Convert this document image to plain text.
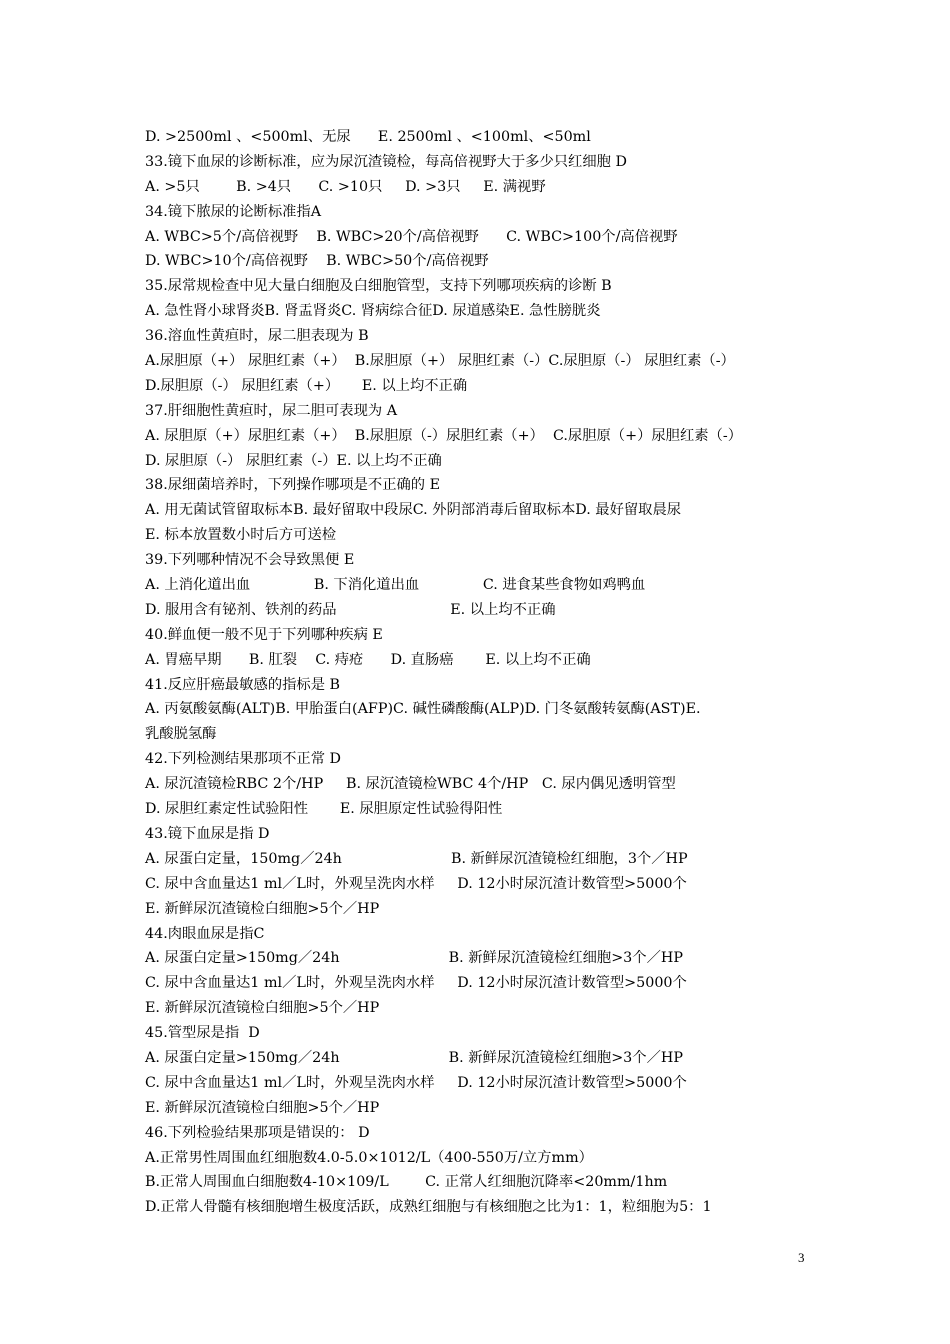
D. >2500ml 、<500ml、无尿      E. 2500ml 、<100ml、<50ml
33.镜下血尿的诊断标准，应为尿沉渣镜检，每高倍视野大于多少只红细胞 D
A. >5只        B. >4只      C. >10只     D. >3只     E. 满视野
34.镜下脓尿的论断标准指A
A. WBC>5个/高倍视野    B. WBC>20个/高倍视野      C. WBC>100个/高倍视野
D. WBC>10个/高倍视野    B. WBC>50个/高倍视野
35.尿常规检查中见大量白细胞及白细胞管型，支持下列哪项疾病的诊断 B
A. 急性肾小球肾炎B. 肾盂肾炎C. 肾病综合征D. 尿道感染E. 急性膀胱炎
36.溶血性黄疸时，尿二胆表现为 B
A.尿胆原（+） 尿胆红素（+）  B.尿胆原（+） 尿胆红素（-）C.尿胆原（-） 尿胆红素（-）
D.尿胆原（-） 尿胆红素（+）     E. 以上均不正确
37.肝细胞性黄疸时，尿二胆可表现为 A
A. 尿胆原（+）尿胆红素（+）  B.尿胆原（-）尿胆红素（+）  C.尿胆原（+）尿胆红素（-）
D. 尿胆原（-） 尿胆红素（-）E. 以上均不正确
38.尿细菌培养时，下列操作哪项是不正确的 E
A. 用无菌试管留取标本B. 最好留取中段尿C. 外阴部消毒后留取标本D. 最好留取晨尿
E. 标本放置数小时后方可送检
39.下列哪种情况不会导致黑便 E
A. 上消化道出血              B. 下消化道出血              C. 进食某些食物如鸡鸭血
D. 服用含有铋剂、铁剂的药品                         E. 以上均不正确
40.鲜血便一般不见于下列哪种疾病 E
A. 胃癌早期      B. 肛裂    C. 痔疮      D. 直肠癌       E. 以上均不正确
41.反应肝癌最敏感的指标是 B
A. 丙氨酸氨酶(ALT)B. 甲胎蛋白(AFP)C. 碱性磷酸酶(ALP)D. 门冬氨酸转氨酶(AST)E.
乳酸脱氢酶
42.下列检测结果那项不正常 D
A. 尿沉渣镜检RBC 2个/HP     B. 尿沉渣镜检WBC 4个/HP   C. 尿内偶见透明管型
D. 尿胆红素定性试验阳性       E. 尿胆原定性试验得阳性
43.镜下血尿是指 D
A. 尿蛋白定量，150mg／24h                        B. 新鲜尿沉渣镜检红细胞，3个／HP
C. 尿中含血量达1 ml／L时，外观呈洗肉水样     D. 12小时尿沉渣计数管型>5000个
E. 新鲜尿沉渣镜检白细胞>5个／HP
44.肉眼血尿是指C
A. 尿蛋白定量>150mg／24h                        B. 新鲜尿沉渣镜检红细胞>3个／HP
C. 尿中含血量达1 ml／L时，外观呈洗肉水样     D. 12小时尿沉渣计数管型>5000个
E. 新鲜尿沉渣镜检白细胞>5个／HP
45.管型尿是指  D
A. 尿蛋白定量>150mg／24h                        B. 新鲜尿沉渣镜检红细胞>3个／HP
C. 尿中含血量达1 ml／L时，外观呈洗肉水样     D. 12小时尿沉渣计数管型>5000个
E. 新鲜尿沉渣镜检白细胞>5个／HP
46.下列检验结果那项是错误的： D
A.正常男性周围血红细胞数4.0-5.0×1012/L（400-550万/立方mm）
B.正常人周围血白细胞数4-10×109/L        C. 正常人红细胞沉降率<20mm/1hm
D.正常人骨髓有核细胞增生极度活跃，成熟红细胞与有核细胞之比为1：1，粒细胞为5：1
3
